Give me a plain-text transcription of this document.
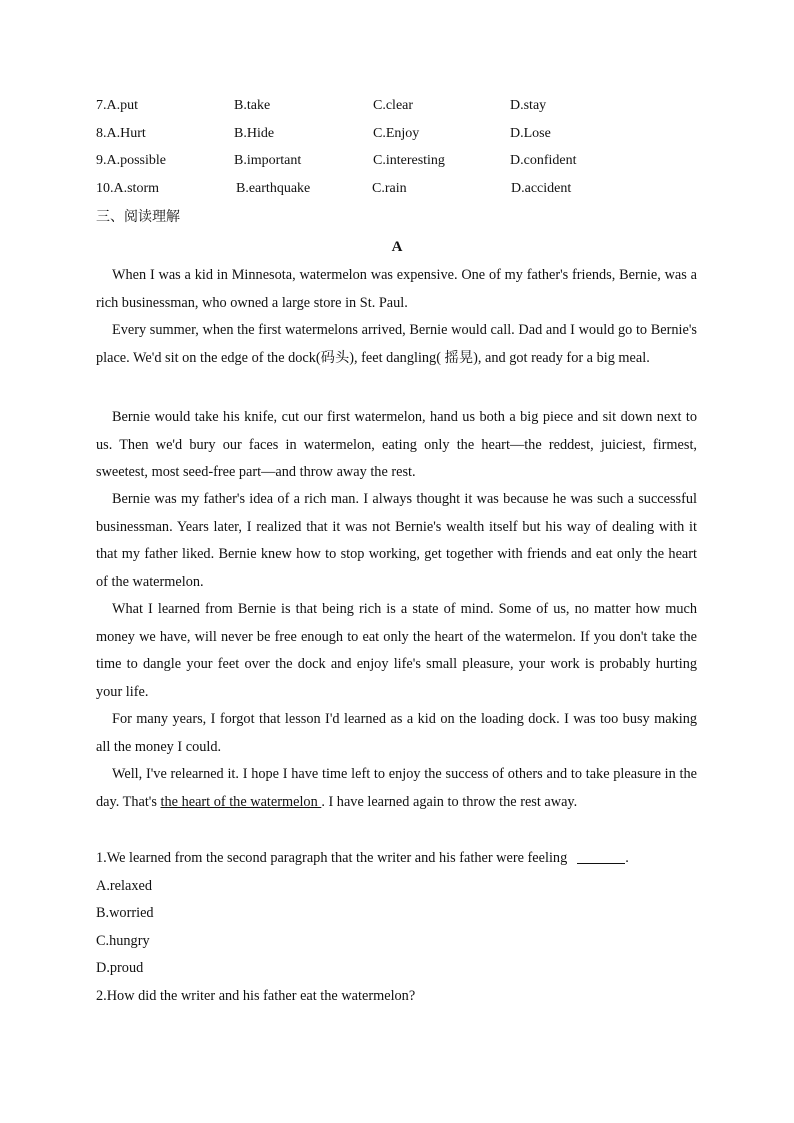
7.A.put	B.take	C.clear	D.stay
8.A.Hurt	B.Hide	C.Enjoy	D.Lose
9.A.possible	B.important	C.interesting	D.confident
10.A.storm	B.earthquake	C.rain	D.accident
三、阅读理解
A

When I was a kid in Minnesota, watermelon was expensive. One of my father's friends, Bernie, was a rich businessman, who owned a large store in St. Paul.

Every summer, when the first watermelons arrived, Bernie would call. Dad and I would go to Bernie's place. We'd sit on the edge of the dock(码头), feet dangling( 摇晃), and got ready for a big meal.

Bernie would take his knife, cut our first watermelon, hand us both a big piece and sit down next to us. Then we'd bury our faces in watermelon, eating only the heart—the reddest, juiciest, firmest, sweetest, most seed-free part—and throw away the rest.

Bernie was my father's idea of a rich man. I always thought it was because he was such a successful businessman. Years later, I realized that it was not Bernie's wealth itself but his way of dealing with it that my father liked. Bernie knew how to stop working, get together with friends and eat only the heart of the watermelon.

What I learned from Bernie is that being rich is a state of mind. Some of us, no matter how much money we have, will never be free enough to eat only the heart of the watermelon. If you don't take the time to dangle your feet over the dock and enjoy life's small pleasure, your work is probably hurting your life.

For many years, I forgot that lesson I'd learned as a kid on the loading dock. I was too busy making all the money I could.

Well, I've relearned it. I hope I have time left to enjoy the success of others and to take pleasure in the day. That's the heart of the watermelon . I have learned again to throw the rest away.

1.We learned from the second paragraph that the writer and his father were feeling	.
A.relaxed
B.worried
C.hungry
D.proud
2.How did the writer and his father eat the watermelon?
